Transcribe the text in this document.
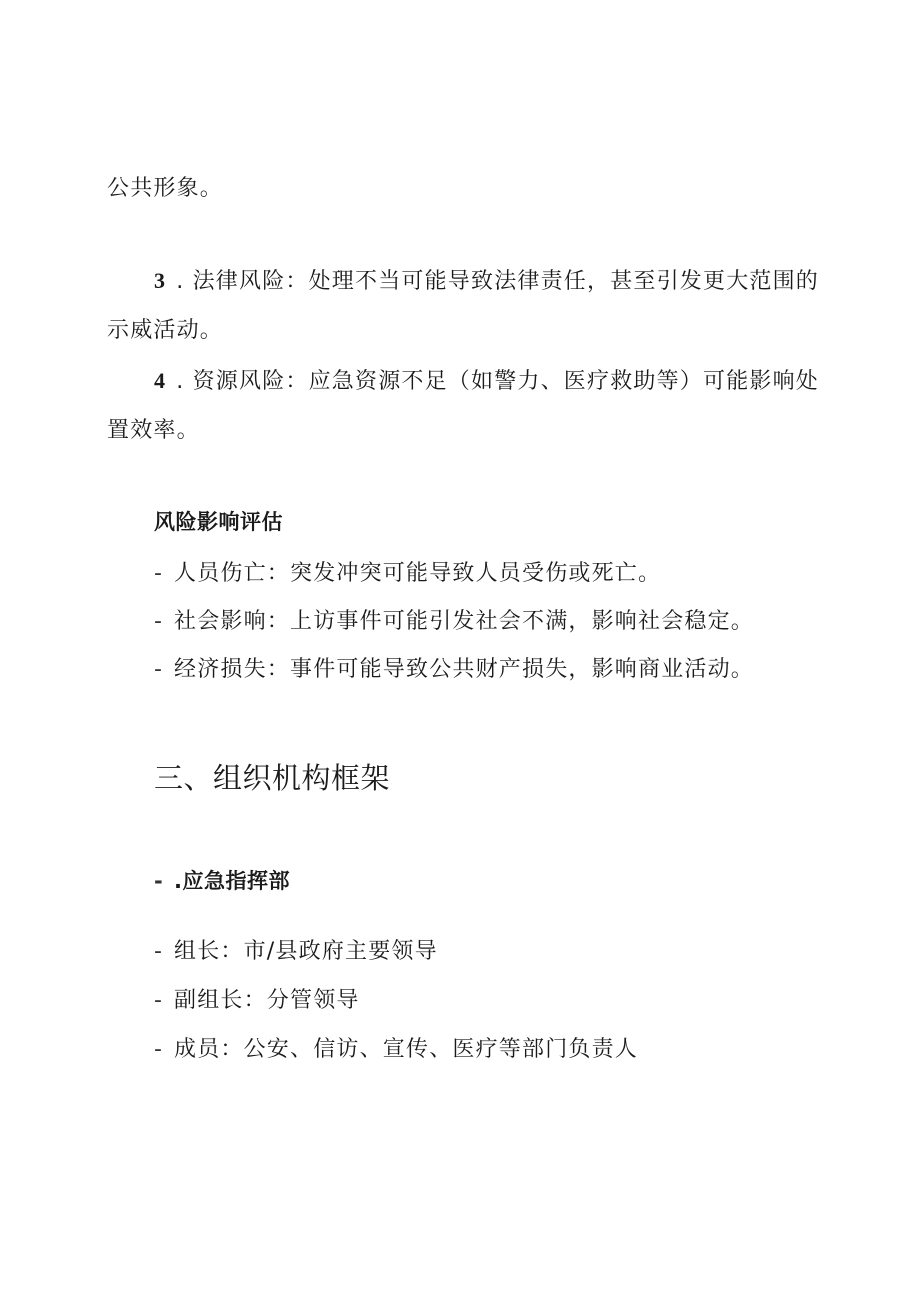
公共形象。
3 . 法律风险：处理不当可能导致法律责任，甚至引发更大范围的
示威活动。
4 . 资源风险：应急资源不足（如警力、医疗救助等）可能影响处
置效率。
风险影响评估
- 人员伤亡：突发冲突可能导致人员受伤或死亡。
- 社会影响：上访事件可能引发社会不满，影响社会稳定。
- 经济损失：事件可能导致公共财产损失，影响商业活动。
三、组织机构框架
- .应急指挥部
- 组长：市/县政府主要领导
- 副组长：分管领导
- 成员：公安、信访、宣传、医疗等部门负责人
